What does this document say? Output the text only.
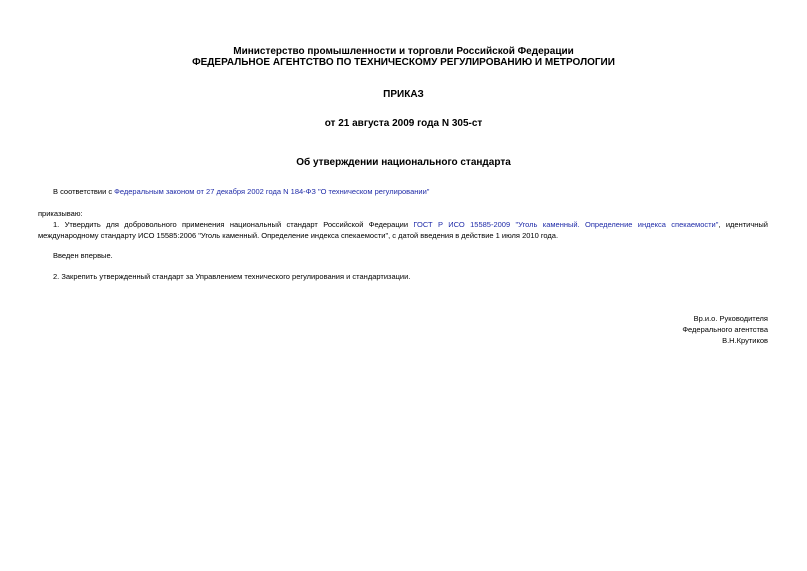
Министерство промышленности и торговли Российской Федерации
ФЕДЕРАЛЬНОЕ АГЕНТСТВО ПО ТЕХНИЧЕСКОМУ РЕГУЛИРОВАНИЮ И МЕТРОЛОГИИ
ПРИКАЗ
от 21 августа 2009 года N 305-ст
Об утверждении национального стандарта
В соответствии с Федеральным законом от 27 декабря 2002 года N 184-ФЗ "О техническом регулировании"
приказываю:
1. Утвердить для добровольного применения национальный стандарт Российской Федерации ГОСТ Р ИСО 15585-2009 "Уголь каменный. Определение индекса спекаемости", идентичный международному стандарту ИСО 15585:2006 "Уголь каменный. Определение индекса спекаемости", с датой введения в действие 1 июля 2010 года.
Введен впервые.
2. Закрепить утвержденный стандарт за Управлением технического регулирования и стандартизации.
Вр.и.о. Руководителя
Федерального агентства
В.Н.Крутиков
